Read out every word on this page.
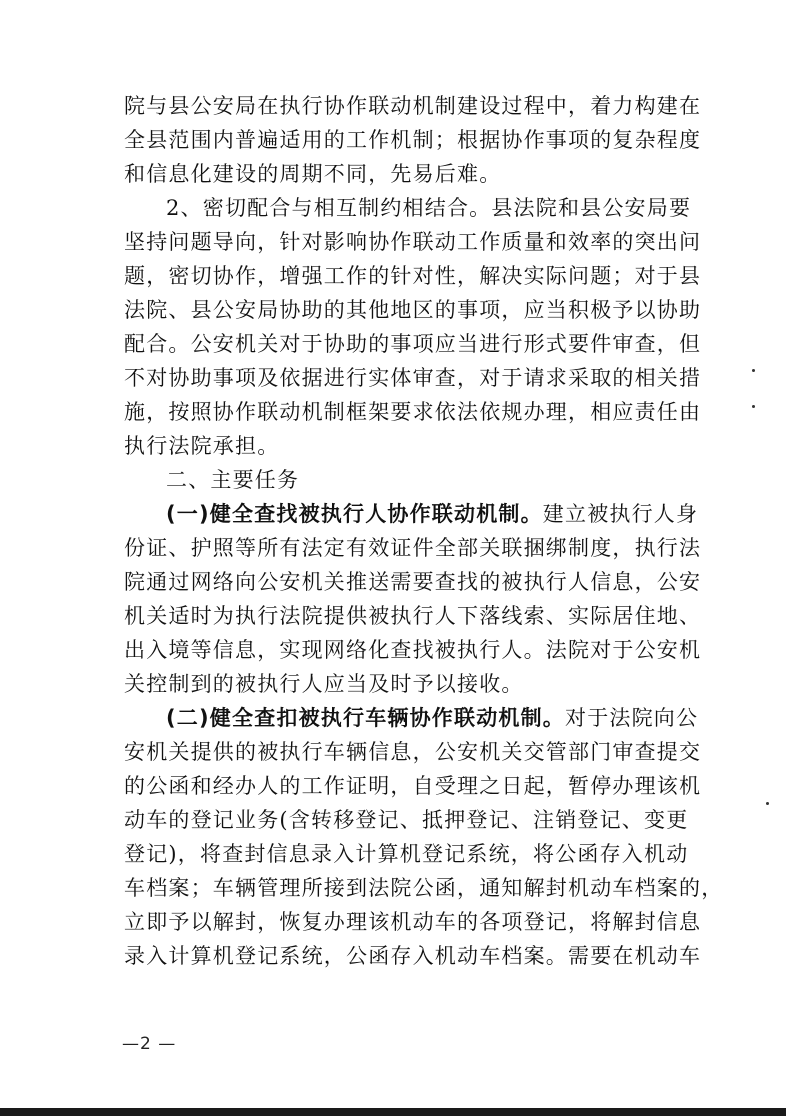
院与县公安局在执行协作联动机制建设过程中，着力构建在
全县范围内普遍适用的工作机制；根据协作事项的复杂程度
和信息化建设的周期不同，先易后难。
2、密切配合与相互制约相结合。县法院和县公安局要
坚持问题导向，针对影响协作联动工作质量和效率的突出问
题，密切协作，增强工作的针对性，解决实际问题；对于县
法院、县公安局协助的其他地区的事项，应当积极予以协助
配合。公安机关对于协助的事项应当进行形式要件审查，但
不对协助事项及依据进行实体审查，对于请求采取的相关措
施，按照协作联动机制框架要求依法依规办理，相应责任由
执行法院承担。
二、主要任务
(一)健全查找被执行人协作联动机制。建立被执行人身
份证、护照等所有法定有效证件全部关联捆绑制度，执行法
院通过网络向公安机关推送需要查找的被执行人信息，公安
机关适时为执行法院提供被执行人下落线索、实际居住地、
出入境等信息，实现网络化查找被执行人。法院对于公安机
关控制到的被执行人应当及时予以接收。
(二)健全查扣被执行车辆协作联动机制。对于法院向公
安机关提供的被执行车辆信息，公安机关交管部门审查提交
的公函和经办人的工作证明，自受理之日起，暂停办理该机
动车的登记业务(含转移登记、抵押登记、注销登记、变更
登记)，将查封信息录入计算机登记系统，将公函存入机动
车档案；车辆管理所接到法院公函，通知解封机动车档案的，
立即予以解封，恢复办理该机动车的各项登记，将解封信息
录入计算机登记系统，公函存入机动车档案。需要在机动车
—2 —
